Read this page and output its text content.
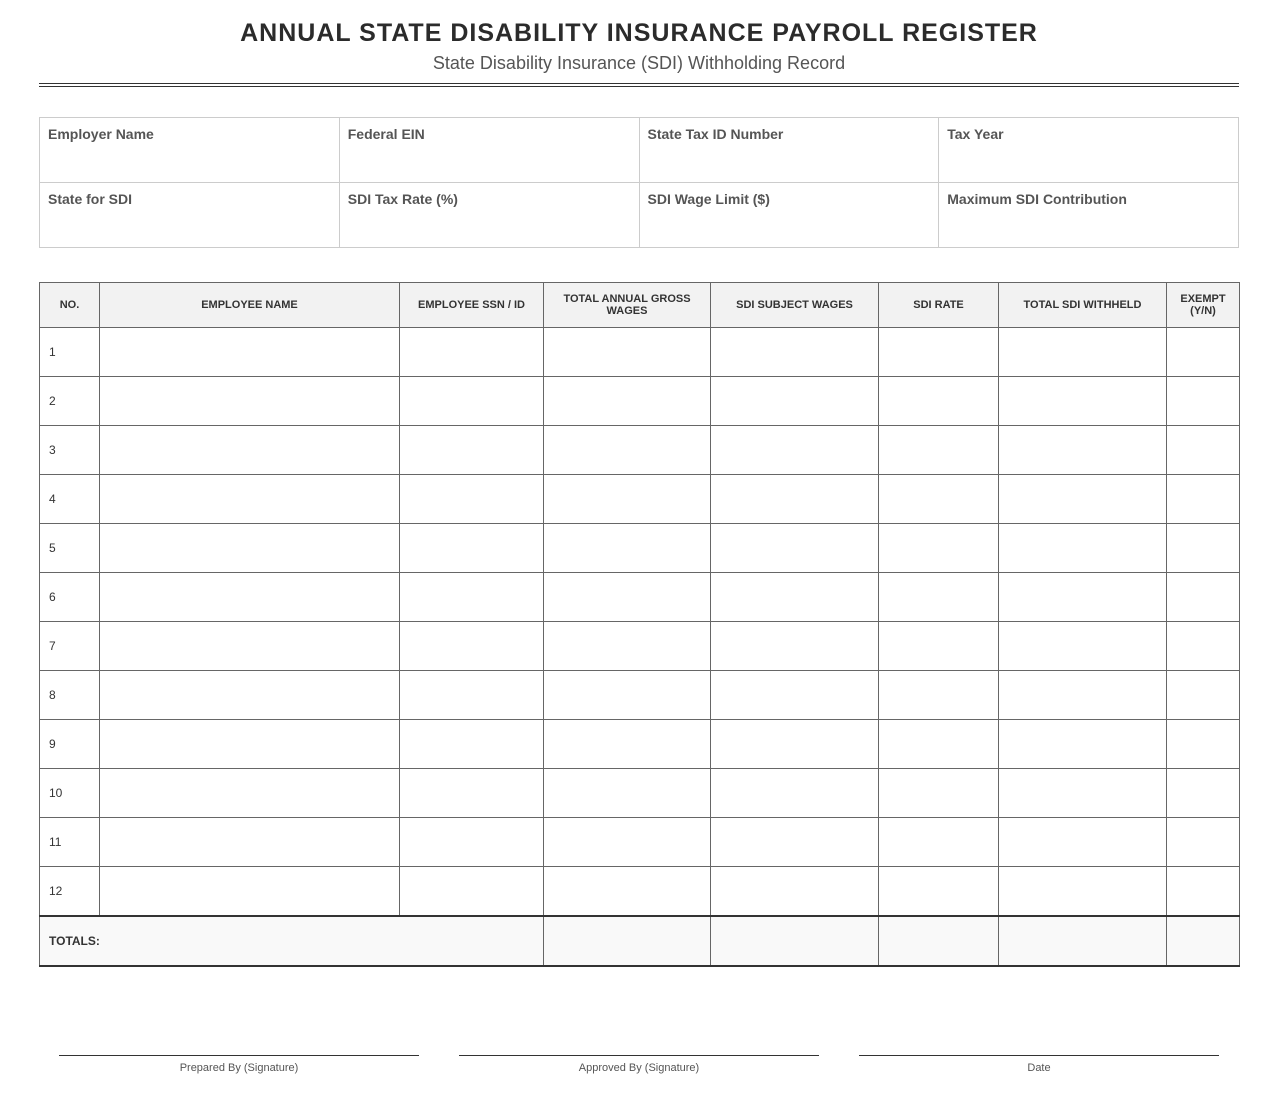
ANNUAL STATE DISABILITY INSURANCE PAYROLL REGISTER
State Disability Insurance (SDI) Withholding Record
Employer Name	Federal EIN	State Tax ID Number	Tax Year
State for SDI	SDI Tax Rate (%)	SDI Wage Limit ($)	Maximum SDI Contribution
NO.	EMPLOYEE NAME	EMPLOYEE SSN / ID	TOTAL ANNUAL GROSS WAGES	SDI SUBJECT WAGES	SDI RATE	TOTAL SDI WITHHELD	EXEMPT (Y/N)
1							
2							
3							
4							
5							
6							
7							
8							
9							
10							
11							
12							
TOTALS:							
Prepared By (Signature)	Approved By (Signature)	Date
